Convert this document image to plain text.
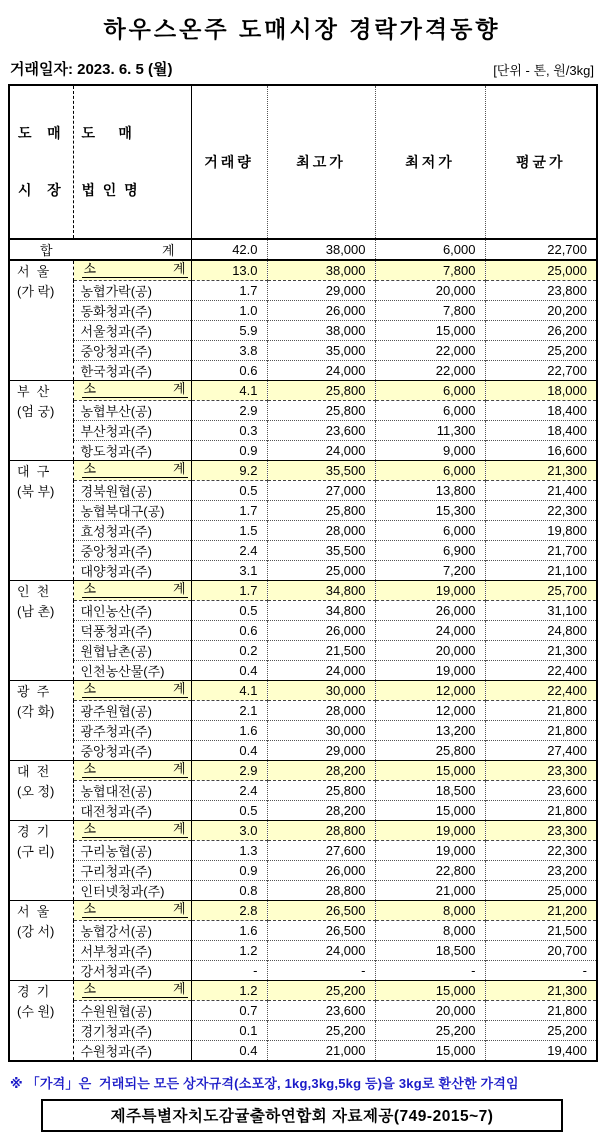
하우스온주 도매시장 경락가격동향
거래일자: 2023. 6. 5 (월)	[단위 - 톤, 원/3kg]

도    매

시    장

도      매

법  인  명

	거래량	최고가	최저가	평균가

합 계		42.0	38,000	6,000	22,700

서  울
(가 락)

소	계	13.0	38,000	7,800	25,000
	농협가락(공)	1.7	29,000	20,000	23,800
	동화청과(주)	1.0	26,000	7,800	20,200
	서울청과(주)	5.9	38,000	15,000	26,200
	중앙청과(주)	3.8	35,000	22,000	25,200
	한국청과(주)	0.6	24,000	22,000	22,700

부  산
(엄 궁)

소	계	4.1	25,800	6,000	18,000
	농협부산(공)	2.9	25,800	6,000	18,400
	부산청과(주)	0.3	23,600	11,300	18,400
	항도청과(주)	0.9	24,000	9,000	16,600

대  구
(북 부)

소	계	9.2	35,500	6,000	21,300
	경북원협(공)	0.5	27,000	13,800	21,400
	농협북대구(공)	1.7	25,800	15,300	22,300
	효성청과(주)	1.5	28,000	6,000	19,800
	중앙청과(주)	2.4	35,500	6,900	21,700
	대양청과(주)	3.1	25,000	7,200	21,100

인  천
(남 촌)

소	계	1.7	34,800	19,000	25,700
	대인농산(주)	0.5	34,800	26,000	31,100
	덕풍청과(주)	0.6	26,000	24,000	24,800
	원협남촌(공)	0.2	21,500	20,000	21,300
	인천농산물(주)	0.4	24,000	19,000	22,400

광  주
(각 화)

소	계	4.1	30,000	12,000	22,400
	광주원협(공)	2.1	28,000	12,000	21,800
	광주청과(주)	1.6	30,000	13,200	21,800
	중앙청과(주)	0.4	29,000	25,800	27,400

대  전
(오 정)

소	계	2.9	28,200	15,000	23,300
	농협대전(공)	2.4	25,800	18,500	23,600
	대전청과(주)	0.5	28,200	15,000	21,800

경  기
(구 리)

소	계	3.0	28,800	19,000	23,300
	구리농협(공)	1.3	27,600	19,000	22,300
	구리청과(주)	0.9	26,000	22,800	23,200
	인터넷청과(주)	0.8	28,800	21,000	25,000

서  울
(강 서)

소	계	2.8	26,500	8,000	21,200
	농협강서(공)	1.6	26,500	8,000	21,500
	서부청과(주)	1.2	24,000	18,500	20,700
	강서청과(주)	-	-	-	-

경  기
(수 원)

소	계	1.2	25,200	15,000	21,300
	수원원협(공)	0.7	23,600	20,000	21,800
	경기청과(주)	0.1	25,200	25,200	25,200
	수원청과(주)	0.4	21,000	15,000	19,400
※ 「가격」은  거래되는 모든 상자규격(소포장, 1kg,3kg,5kg 등)을 3kg로 환산한 가격임
제주특별자치도감귤출하연합회 자료제공(749-2015~7)
